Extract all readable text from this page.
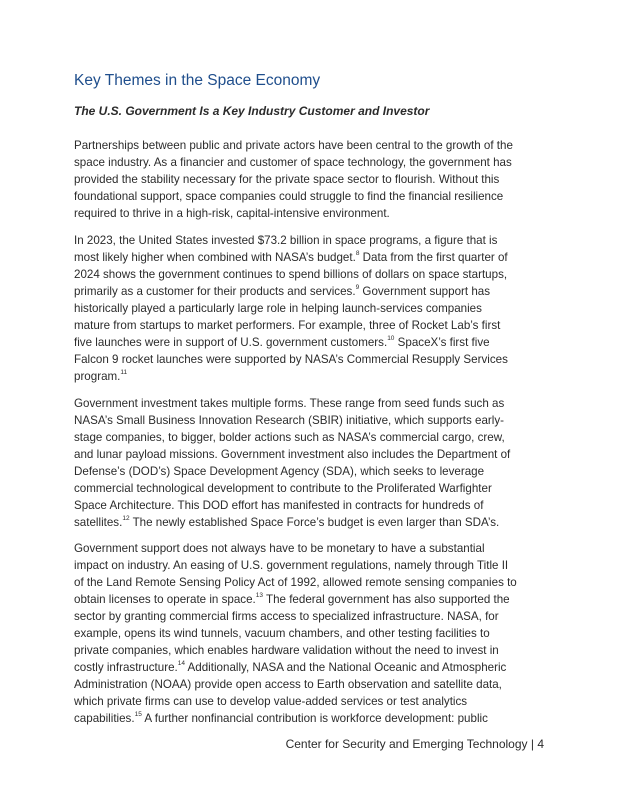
Key Themes in the Space Economy
The U.S. Government Is a Key Industry Customer and Investor
Partnerships between public and private actors have been central to the growth of the
space industry. As a financier and customer of space technology, the government has
provided the stability necessary for the private space sector to flourish. Without this
foundational support, space companies could struggle to find the financial resilience
required to thrive in a high-risk, capital-intensive environment.
In 2023, the United States invested $73.2 billion in space programs, a figure that is
most likely higher when combined with NASA’s budget.$^8$ Data from the first quarter of
2024 shows the government continues to spend billions of dollars on space startups,
primarily as a customer for their products and services.$^9$ Government support has
historically played a particularly large role in helping launch-services companies
mature from startups to market performers. For example, three of Rocket Lab’s first
five launches were in support of U.S. government customers.$^{10}$ SpaceX’s first five
Falcon 9 rocket launches were supported by NASA’s Commercial Resupply Services
program.$^{11}$
Government investment takes multiple forms. These range from seed funds such as
NASA’s Small Business Innovation Research (SBIR) initiative, which supports early-
stage companies, to bigger, bolder actions such as NASA’s commercial cargo, crew,
and lunar payload missions. Government investment also includes the Department of
Defense’s (DOD’s) Space Development Agency (SDA), which seeks to leverage
commercial technological development to contribute to the Proliferated Warfighter
Space Architecture. This DOD effort has manifested in contracts for hundreds of
satellites.$^{12}$ The newly established Space Force’s budget is even larger than SDA’s.
Government support does not always have to be monetary to have a substantial
impact on industry. An easing of U.S. government regulations, namely through Title II
of the Land Remote Sensing Policy Act of 1992, allowed remote sensing companies to
obtain licenses to operate in space.$^{13}$ The federal government has also supported the
sector by granting commercial firms access to specialized infrastructure. NASA, for
example, opens its wind tunnels, vacuum chambers, and other testing facilities to
private companies, which enables hardware validation without the need to invest in
costly infrastructure.$^{14}$ Additionally, NASA and the National Oceanic and Atmospheric
Administration (NOAA) provide open access to Earth observation and satellite data,
which private firms can use to develop value-added services or test analytics
capabilities.$^{15}$ A further nonfinancial contribution is workforce development: public
Center for Security and Emerging Technology | 4
